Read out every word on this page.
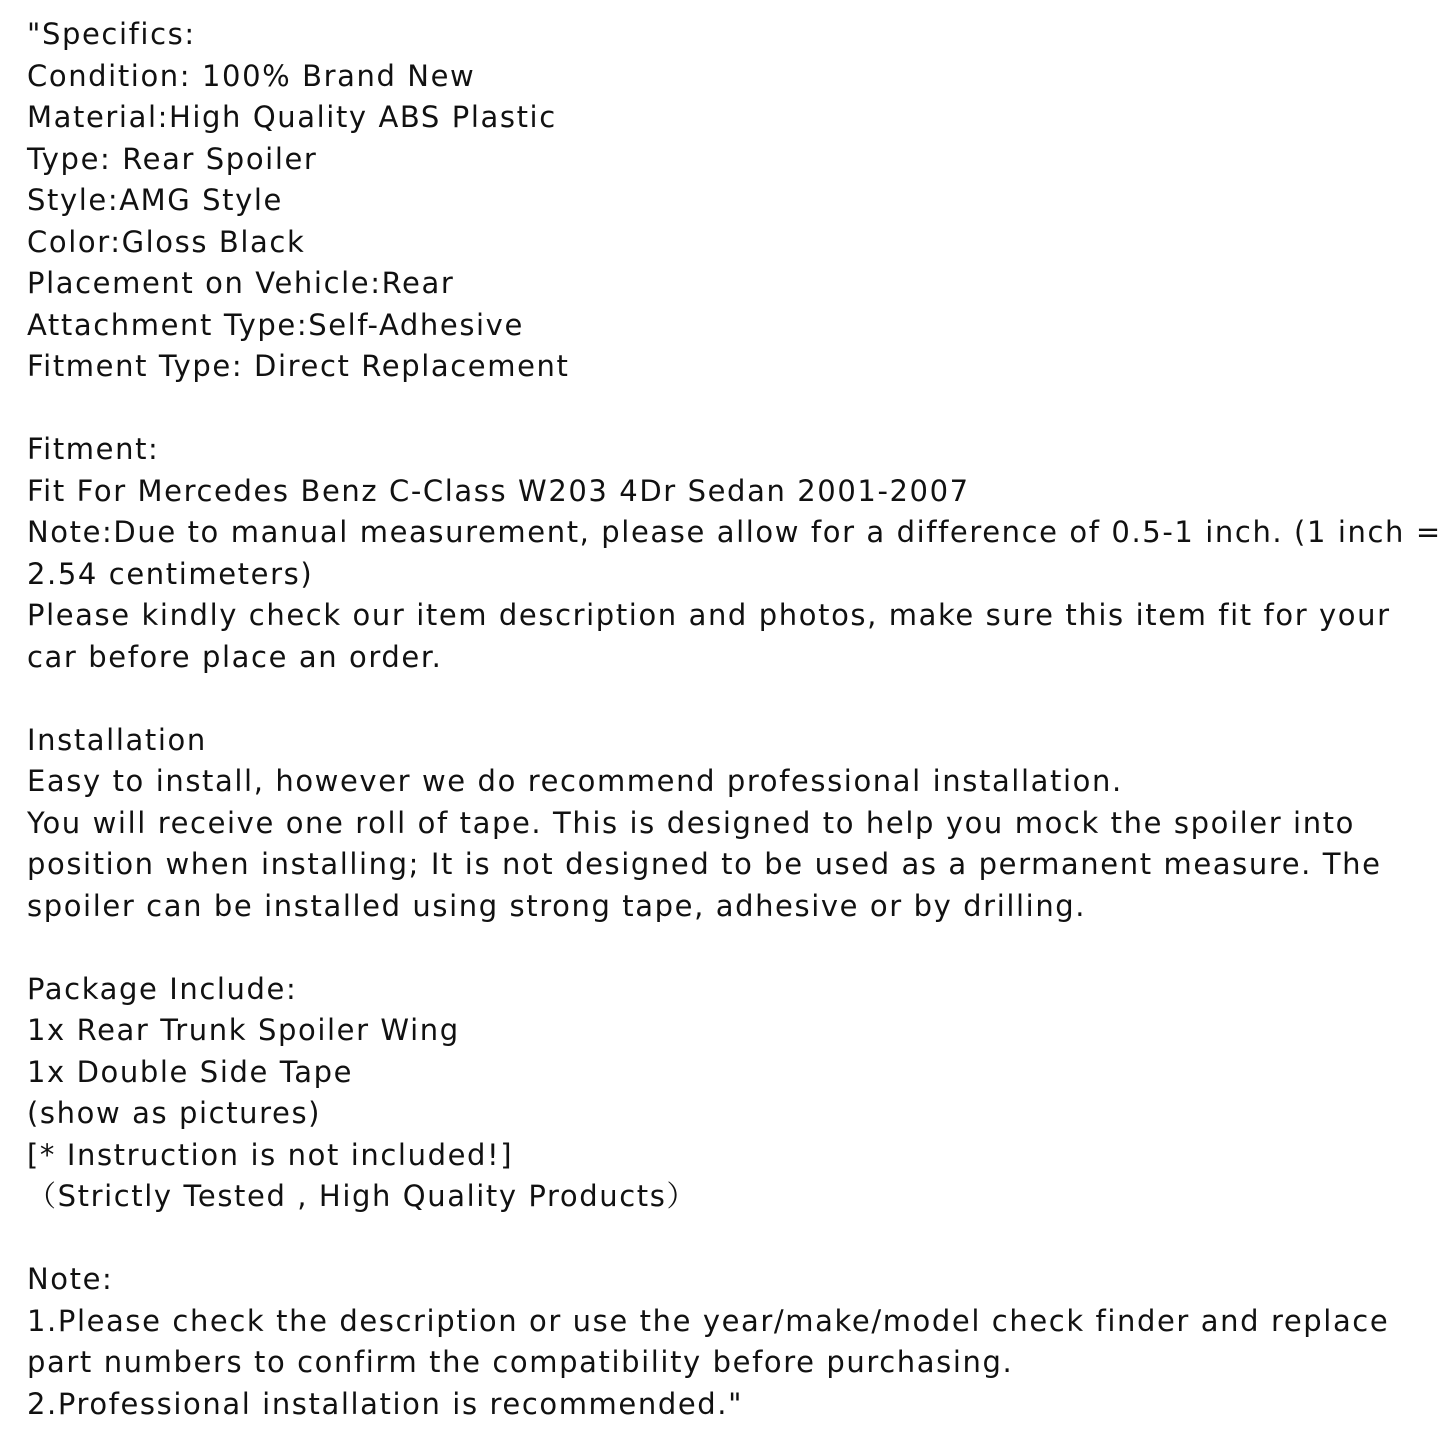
"Specifics:
Condition: 100% Brand New
Material:High Quality ABS Plastic
Type: Rear Spoiler
Style:AMG Style
Color:Gloss Black
Placement on Vehicle:Rear
Attachment Type:Self-Adhesive
Fitment Type: Direct Replacement
Fitment:
Fit For Mercedes Benz C-Class W203 4Dr Sedan 2001-2007
Note:Due to manual measurement, please allow for a difference of 0.5-1 inch. (1 inch =
2.54 centimeters)
Please kindly check our item description and photos, make sure this item fit for your
car before place an order.
Installation
Easy to install, however we do recommend professional installation.
You will receive one roll of tape. This is designed to help you mock the spoiler into
position when installing; It is not designed to be used as a permanent measure. The
spoiler can be installed using strong tape, adhesive or by drilling.
Package Include:
1x Rear Trunk Spoiler Wing
1x Double Side Tape
(show as pictures)
[* Instruction is not included!]
（Strictly Tested , High Quality Products）
Note:
1.Please check the description or use the year/make/model check finder and replace
part numbers to confirm the compatibility before purchasing.
2.Professional installation is recommended."
